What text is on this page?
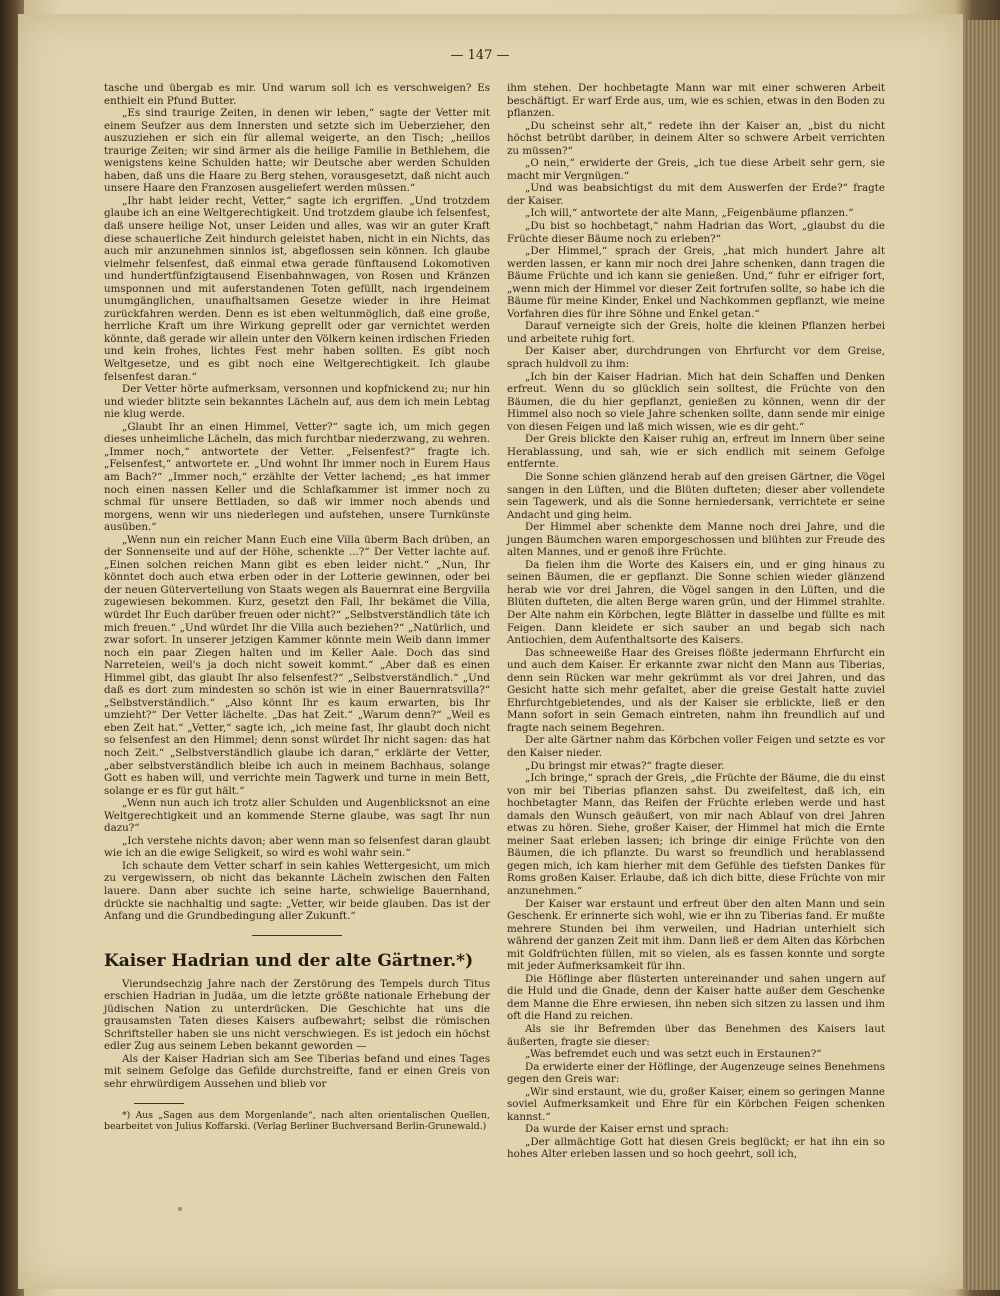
— 147 —

tasche und übergab es mir. Und warum soll ich es verschweigen? Es enthielt ein Pfund Butter.

„Es sind traurige Zeiten, in denen wir leben,“ sagte der Vetter mit einem Seufzer aus dem Innersten und setzte sich im Ueberzieher, den auszuziehen er sich ein für allemal weigerte, an den Tisch; „heillos traurige Zeiten; wir sind ärmer als die heilige Familie in Bethlehem, die wenigstens keine Schulden hatte; wir Deutsche aber werden Schulden haben, daß uns die Haare zu Berg stehen, vorausgesetzt, daß nicht auch unsere Haare den Franzosen ausgeliefert werden müssen.“

„Ihr habt leider recht, Vetter,“ sagte ich ergriffen. „Und trotzdem glaube ich an eine Weltgerechtigkeit. Und trotzdem glaube ich felsenfest, daß unsere heilige Not, unser Leiden und alles, was wir an guter Kraft diese schauerliche Zeit hindurch geleistet haben, nicht in ein Nichts, das auch mir anzunehmen sinnlos ist, abgeflossen sein können. Ich glaube vielmehr felsenfest, daß einmal etwa gerade fünftausend Lokomotiven und hundertfünfzigtausend Eisenbahnwagen, von Rosen und Kränzen umsponnen und mit auferstandenen Toten gefüllt, nach irgendeinem unumgänglichen, unaufhaltsamen Gesetze wieder in ihre Heimat zurückfahren werden. Denn es ist eben weltunmöglich, daß eine große, herrliche Kraft um ihre Wirkung geprellt oder gar vernichtet werden könnte, daß gerade wir allein unter den Völkern keinen irdischen Frieden und kein frohes, lichtes Fest mehr haben sollten. Es gibt noch Weltgesetze, und es gibt noch eine Weltgerechtigkeit. Ich glaube felsenfest daran.“

Der Vetter hörte aufmerksam, versonnen und kopfnickend zu; nur hin und wieder blitzte sein bekanntes Lächeln auf, aus dem ich mein Lebtag nie klug werde.

„Glaubt Ihr an einen Himmel, Vetter?“ sagte ich, um mich gegen dieses unheimliche Lächeln, das mich furchtbar niederzwang, zu wehren. „Immer noch,“ antwortete der Vetter. „Felsenfest?“ fragte ich. „Felsenfest,“ antwortete er. „Und wohnt Ihr immer noch in Eurem Haus am Bach?“ „Immer noch,“ erzählte der Vetter lachend; „es hat immer noch einen nassen Keller und die Schlafkammer ist immer noch zu schmal für unsere Bettladen, so daß wir immer noch abends und morgens, wenn wir uns niederlegen und aufstehen, unsere Turnkünste ausüben.“

„Wenn nun ein reicher Mann Euch eine Villa überm Bach drüben, an der Sonnenseite und auf der Höhe, schenkte ...?“ Der Vetter lachte auf. „Einen solchen reichen Mann gibt es eben leider nicht.“ „Nun, Ihr könntet doch auch etwa erben oder in der Lotterie gewinnen, oder bei der neuen Güterverteilung von Staats wegen als Bauernrat eine Bergvilla zugewiesen bekommen. Kurz, gesetzt den Fall, Ihr bekämet die Villa, würdet Ihr Euch darüber freuen oder nicht?“ „Selbstverständlich täte ich mich freuen.“ „Und würdet Ihr die Villa auch beziehen?“ „Natürlich, und zwar sofort. In unserer jetzigen Kammer könnte mein Weib dann immer noch ein paar Ziegen halten und im Keller Aale. Doch das sind Narreteien, weil's ja doch nicht soweit kommt.“ „Aber daß es einen Himmel gibt, das glaubt Ihr also felsenfest?“ „Selbstverständlich.“ „Und daß es dort zum mindesten so schön ist wie in einer Bauernratsvilla?“ „Selbstverständlich.“ „Also könnt Ihr es kaum erwarten, bis Ihr umzieht?“ Der Vetter lächelte. „Das hat Zeit.“ „Warum denn?“ „Weil es eben Zeit hat.“ „Vetter,“ sagte ich, „ich meine fast, Ihr glaubt doch nicht so felsenfest an den Himmel; denn sonst würdet Ihr nicht sagen: das hat noch Zeit.“ „Selbstverständlich glaube ich daran,“ erklärte der Vetter, „aber selbstverständlich bleibe ich auch in meinem Bachhaus, solange Gott es haben will, und verrichte mein Tagwerk und turne in mein Bett, solange er es für gut hält.“

„Wenn nun auch ich trotz aller Schulden und Augenblicksnot an eine Weltgerechtigkeit und an kommende Sterne glaube, was sagt Ihr nun dazu?“

„Ich verstehe nichts davon; aber wenn man so felsenfest daran glaubt wie ich an die ewige Seligkeit, so wird es wohl wahr sein.“

Ich schaute dem Vetter scharf in sein kahles Wettergesicht, um mich zu vergewissern, ob nicht das bekannte Lächeln zwischen den Falten lauere. Dann aber suchte ich seine harte, schwielige Bauernhand, drückte sie nachhaltig und sagte: „Vetter, wir beide glauben. Das ist der Anfang und die Grundbedingung aller Zukunft.“

Kaiser Hadrian und der alte Gärtner.*)

Vierundsechzig Jahre nach der Zerstörung des Tempels durch Titus erschien Hadrian in Judäa, um die letzte größte nationale Erhebung der jüdischen Nation zu unterdrücken. Die Geschichte hat uns die grausamsten Taten dieses Kaisers aufbewahrt; selbst die römischen Schriftsteller haben sie uns nicht verschwiegen. Es ist jedoch ein höchst edler Zug aus seinem Leben bekannt geworden —

Als der Kaiser Hadrian sich am See Tiberias befand und eines Tages mit seinem Gefolge das Gefilde durchstreifte, fand er einen Greis von sehr ehrwürdigem Aussehen und blieb vor

*) Aus „Sagen aus dem Morgenlande“, nach alten orientalischen Quellen, bearbeitet von Julius Koffarski. (Verlag Berliner Buchversand Berlin-Grunewald.)

ihm stehen. Der hochbetagte Mann war mit einer schweren Arbeit beschäftigt. Er warf Erde aus, um, wie es schien, etwas in den Boden zu pflanzen.

„Du scheinst sehr alt,“ redete ihn der Kaiser an, „bist du nicht höchst betrübt darüber, in deinem Alter so schwere Arbeit verrichten zu müssen?“

„O nein,“ erwiderte der Greis, „ich tue diese Arbeit sehr gern, sie macht mir Vergnügen.“

„Und was beabsichtigst du mit dem Auswerfen der Erde?“ fragte der Kaiser.

„Ich will,“ antwortete der alte Mann, „Feigenbäume pflanzen.“

„Du bist so hochbetagt,“ nahm Hadrian das Wort, „glaubst du die Früchte dieser Bäume noch zu erleben?“

„Der Himmel,“ sprach der Greis, „hat mich hundert Jahre alt werden lassen, er kann mir noch drei Jahre schenken, dann tragen die Bäume Früchte und ich kann sie genießen. Und,“ fuhr er eifriger fort, „wenn mich der Himmel vor dieser Zeit fortrufen sollte, so habe ich die Bäume für meine Kinder, Enkel und Nachkommen gepflanzt, wie meine Vorfahren dies für ihre Söhne und Enkel getan.“

Darauf verneigte sich der Greis, holte die kleinen Pflanzen herbei und arbeitete ruhig fort.

Der Kaiser aber, durchdrungen von Ehrfurcht vor dem Greise, sprach huldvoll zu ihm:

„Ich bin der Kaiser Hadrian. Mich hat dein Schaffen und Denken erfreut. Wenn du so glücklich sein solltest, die Früchte von den Bäumen, die du hier gepflanzt, genießen zu können, wenn dir der Himmel also noch so viele Jahre schenken sollte, dann sende mir einige von diesen Feigen und laß mich wissen, wie es dir geht.“

Der Greis blickte den Kaiser ruhig an, erfreut im Innern über seine Herablassung, und sah, wie er sich endlich mit seinem Gefolge entfernte.

Die Sonne schien glänzend herab auf den greisen Gärtner, die Vögel sangen in den Lüften, und die Blüten dufteten; dieser aber vollendete sein Tagewerk, und als die Sonne herniedersank, verrichtete er seine Andacht und ging heim.

Der Himmel aber schenkte dem Manne noch drei Jahre, und die jungen Bäumchen waren emporgeschossen und blühten zur Freude des alten Mannes, und er genoß ihre Früchte.

Da fielen ihm die Worte des Kaisers ein, und er ging hinaus zu seinen Bäumen, die er gepflanzt. Die Sonne schien wieder glänzend herab wie vor drei Jahren, die Vögel sangen in den Lüften, und die Blüten dufteten, die alten Berge waren grün, und der Himmel strahlte. Der Alte nahm ein Körbchen, legte Blätter in dasselbe und füllte es mit Feigen. Dann kleidete er sich sauber an und begab sich nach Antiochien, dem Aufenthaltsorte des Kaisers.

Das schneeweiße Haar des Greises flößte jedermann Ehrfurcht ein und auch dem Kaiser. Er erkannte zwar nicht den Mann aus Tiberias, denn sein Rücken war mehr gekrümmt als vor drei Jahren, und das Gesicht hatte sich mehr gefaltet, aber die greise Gestalt hatte zuviel Ehrfurchtgebietendes, und als der Kaiser sie erblickte, ließ er den Mann sofort in sein Gemach eintreten, nahm ihn freundlich auf und fragte nach seinem Begehren.

Der alte Gärtner nahm das Körbchen voller Feigen und setzte es vor den Kaiser nieder.

„Du bringst mir etwas?“ fragte dieser.

„Ich bringe,“ sprach der Greis, „die Früchte der Bäume, die du einst von mir bei Tiberias pflanzen sahst. Du zweifeltest, daß ich, ein hochbetagter Mann, das Reifen der Früchte erleben werde und hast damals den Wunsch geäußert, von mir nach Ablauf von drei Jahren etwas zu hören. Siehe, großer Kaiser, der Himmel hat mich die Ernte meiner Saat erleben lassen; ich bringe dir einige Früchte von den Bäumen, die ich pflanzte. Du warst so freundlich und herablassend gegen mich, ich kam hierher mit dem Gefühle des tiefsten Dankes für Roms großen Kaiser. Erlaube, daß ich dich bitte, diese Früchte von mir anzunehmen.“

Der Kaiser war erstaunt und erfreut über den alten Mann und sein Geschenk. Er erinnerte sich wohl, wie er ihn zu Tiberias fand. Er mußte mehrere Stunden bei ihm verweilen, und Hadrian unterhielt sich während der ganzen Zeit mit ihm. Dann ließ er dem Alten das Körbchen mit Goldfrüchten füllen, mit so vielen, als es fassen konnte und sorgte mit jeder Aufmerksamkeit für ihn.

Die Höflinge aber flüsterten untereinander und sahen ungern auf die Huld und die Gnade, denn der Kaiser hatte außer dem Geschenke dem Manne die Ehre erwiesen, ihn neben sich sitzen zu lassen und ihm oft die Hand zu reichen.

Als sie ihr Befremden über das Benehmen des Kaisers laut äußerten, fragte sie dieser:

„Was befremdet euch und was setzt euch in Erstaunen?“

Da erwiderte einer der Höflinge, der Augenzeuge seines Benehmens gegen den Greis war:

„Wir sind erstaunt, wie du, großer Kaiser, einem so geringen Manne soviel Aufmerksamkeit und Ehre für ein Körbchen Feigen schenken kannst.“

Da wurde der Kaiser ernst und sprach:

„Der allmächtige Gott hat diesen Greis beglückt; er hat ihn ein so hohes Alter erleben lassen und so hoch geehrt, soll ich,
